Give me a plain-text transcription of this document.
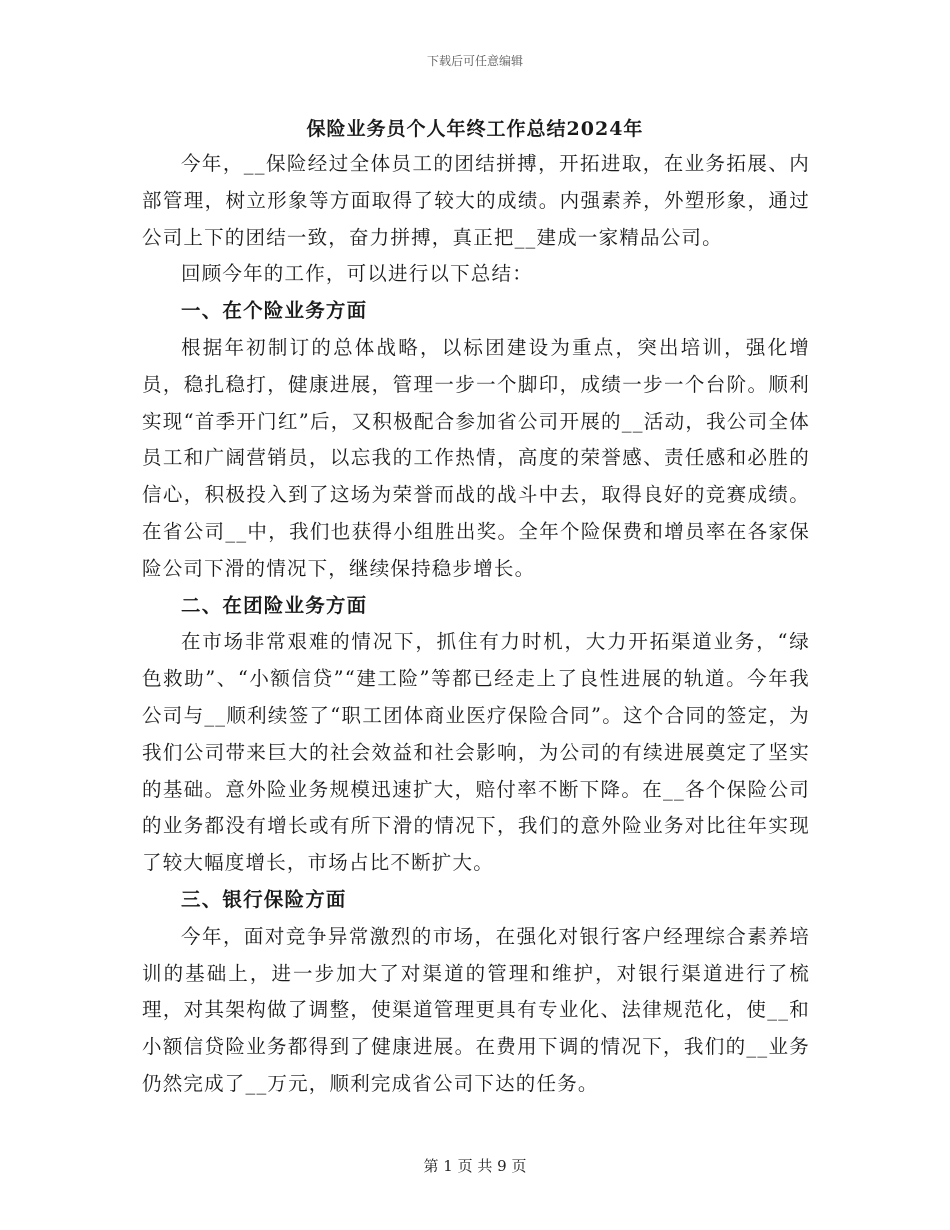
下载后可任意编辑
保险业务员个人年终工作总结2024年

今年，__保险经过全体员工的团结拼搏，开拓进取，在业务拓展、内部管理，树立形象等方面取得了较大的成绩。内强素养，外塑形象，通过公司上下的团结一致，奋力拼搏，真正把__建成一家精品公司。

回顾今年的工作，可以进行以下总结：

一、在个险业务方面

根据年初制订的总体战略，以标团建设为重点，突出培训，强化增员，稳扎稳打，健康进展，管理一步一个脚印，成绩一步一个台阶。顺利实现“首季开门红”后，又积极配合参加省公司开展的__活动，我公司全体员工和广阔营销员，以忘我的工作热情，高度的荣誉感、责任感和必胜的信心，积极投入到了这场为荣誉而战的战斗中去，取得良好的竞赛成绩。在省公司__中，我们也获得小组胜出奖。全年个险保费和增员率在各家保险公司下滑的情况下，继续保持稳步增长。

二、在团险业务方面

在市场非常艰难的情况下，抓住有力时机，大力开拓渠道业务，“绿色救助”、“小额信贷”“建工险”等都已经走上了良性进展的轨道。今年我公司与__顺利续签了“职工团体商业医疗保险合同”。这个合同的签定，为我们公司带来巨大的社会效益和社会影响，为公司的有续进展奠定了坚实的基础。意外险业务规模迅速扩大，赔付率不断下降。在__各个保险公司的业务都没有增长或有所下滑的情况下，我们的意外险业务对比往年实现了较大幅度增长，市场占比不断扩大。

三、银行保险方面

今年，面对竞争异常激烈的市场，在强化对银行客户经理综合素养培训的基础上，进一步加大了对渠道的管理和维护，对银行渠道进行了梳理，对其架构做了调整，使渠道管理更具有专业化、法律规范化，使__和小额信贷险业务都得到了健康进展。在费用下调的情况下，我们的__业务仍然完成了__万元，顺利完成省公司下达的任务。

第 1 页 共 9 页
